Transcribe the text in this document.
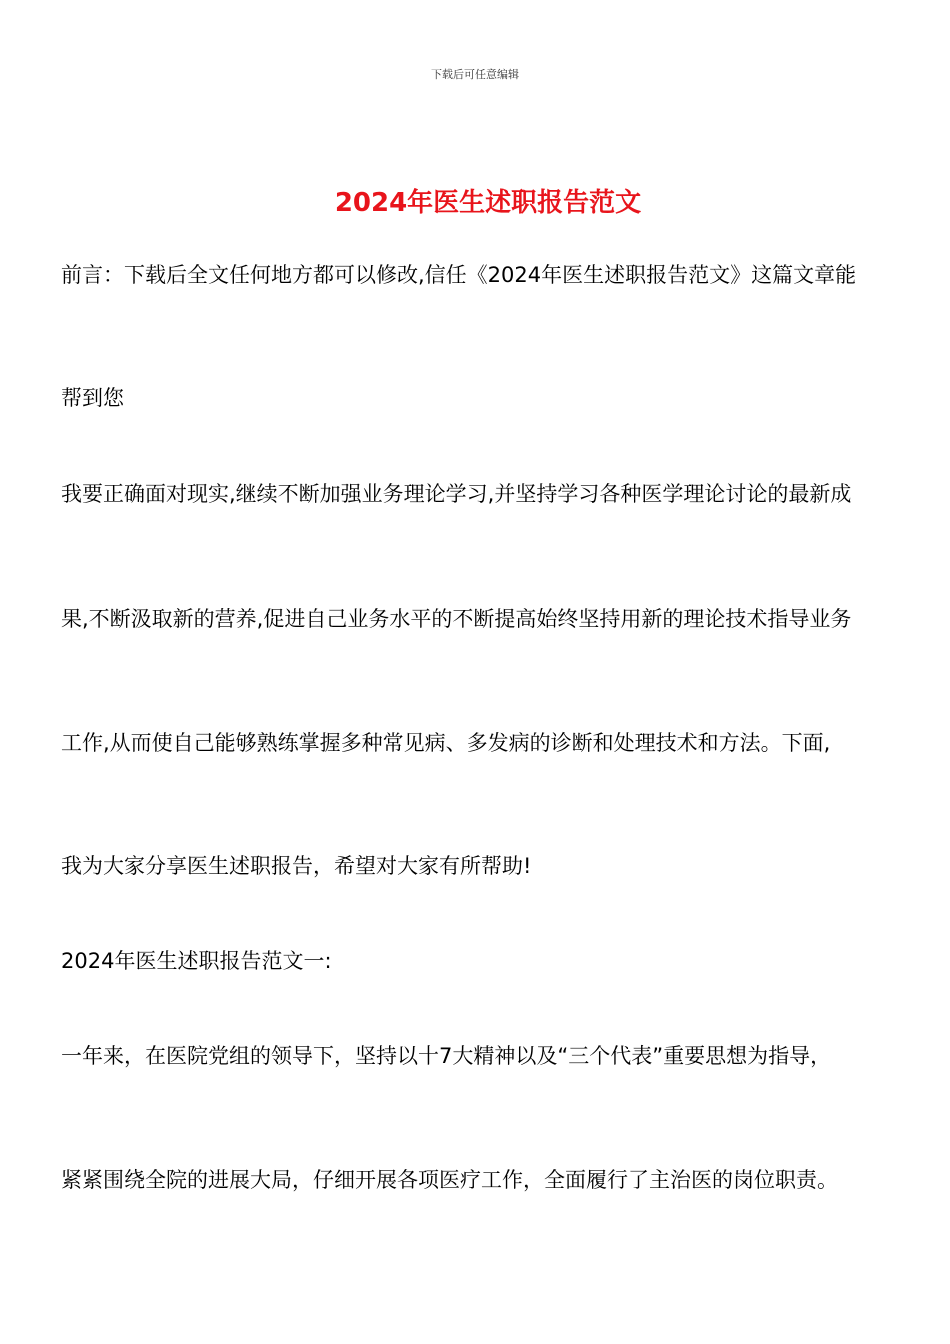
下载后可任意编辑
2024年医生述职报告范文
前言：下载后全文任何地方都可以修改,信任《2024年医生述职报告范文》这篇文章能
帮到您
我要正确面对现实,继续不断加强业务理论学习,并坚持学习各种医学理论讨论的最新成
果,不断汲取新的营养,促进自己业务水平的不断提高始终坚持用新的理论技术指导业务
工作,从而使自己能够熟练掌握多种常见病、多发病的诊断和处理技术和方法。下面,
我为大家分享医生述职报告，希望对大家有所帮助!
2024年医生述职报告范文一:
一年来，在医院党组的领导下，坚持以十7大精神以及“三个代表”重要思想为指导，
紧紧围绕全院的进展大局，仔细开展各项医疗工作，全面履行了主治医的岗位职责。
